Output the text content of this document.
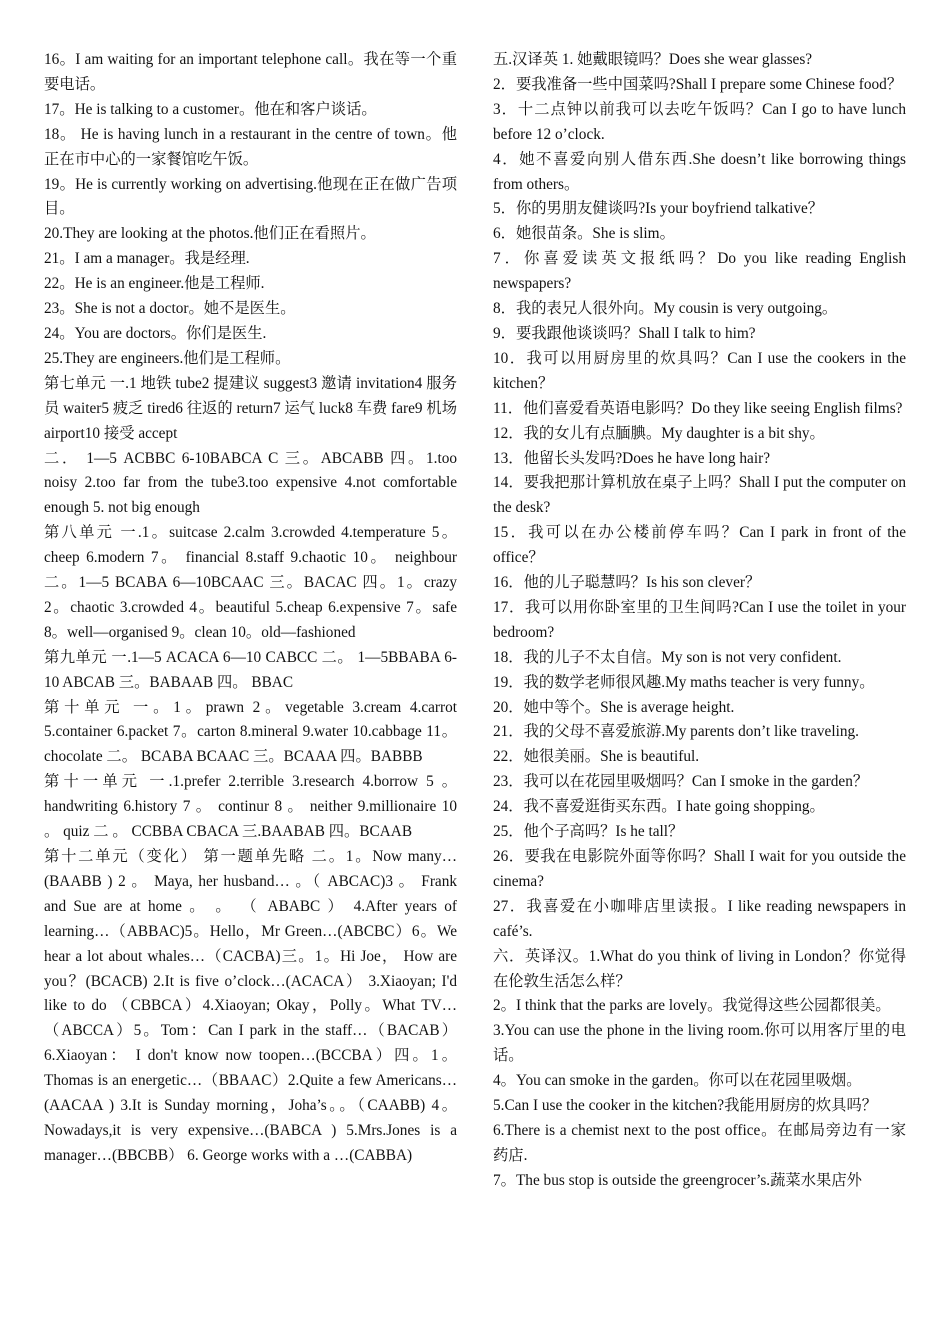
16。I am waiting for an important telephone call。我在等一个重要电话。

17。He is talking to a customer。他在和客户谈话。

18。 He is having lunch in a restaurant in the centre of town。他正在市中心的一家餐馆吃午饭。

19。He is currently working on advertising.他现在正在做广告项目。

20.They are looking at the photos.他们正在看照片。

21。I am a manager。我是经理.

22。He is an engineer.他是工程师.

23。She is not a doctor。她不是医生。

24。You are doctors。你们是医生.

25.They are engineers.他们是工程师。

第七单元 一.1 地铁 tube2 提建议 suggest3 邀请 invitation4 服务员 waiter5 疲乏 tired6 往返的 return7 运气 luck8 车费 fare9 机场 airport10 接受 accept

二． 1—5 ACBBC 6-10BABCA C 三。ABCABB 四。1.too noisy 2.too far from the tube3.too expensive 4.not comfortable enough 5. not big enough

第八单元 一.1。suitcase 2.calm 3.crowded 4.temperature 5。 cheep 6.modern 7。 financial 8.staff 9.chaotic 10。 neighbour 二。1—5 BCABA 6—10BCAAC 三。BACAC 四。1。crazy 2。chaotic 3.crowded 4。beautiful 5.cheap 6.expensive 7。safe 8。well—organised 9。clean 10。old—fashioned

第九单元 一.1—5 ACACA 6—10 CABCC 二。 1—5BBABA 6-10 ABCAB 三。BABAAB 四。 BBAC

第十单元 一。1。prawn 2。vegetable 3.cream 4.carrot 5.container 6.packet 7。carton 8.mineral 9.water 10.cabbage 11。chocolate 二。 BCABA BCAAC 三。BCAAA 四。BABBB

第十一单元 一.1.prefer 2.terrible 3.research 4.borrow 5 。 handwriting 6.history 7 。 continur 8 。 neither 9.millionaire 10 。 quiz 二 。 CCBBA CBACA 三.BAABAB 四。BCAAB

第十二单元（变化） 第一题单先略 二。1。Now many…(BAABB ) 2 。 Maya, her husband… 。（ ABCAC)3 。 Frank and Sue are at home 。 。 （ ABABC ） 4.After years of learning…（ABBAC)5。Hello，Mr Green…(ABCBC）6。We hear a lot about whales…（CACBA)三。1。Hi Joe， How are you？(BCACB) 2.It is five o’clock…(ACACA） 3.Xiaoyan; I'd like to do （CBBCA）4.Xiaoyan; Okay，Polly。What TV…（ABCCA）5。Tom：Can I park in the staff…（BACAB）6.Xiaoyan： I don't know now toopen…(BCCBA）四。1。Thomas is an energetic…（BBAAC）2.Quite a few Americans…(AACAA ) 3.It is Sunday morning，Joha’s。。（CAABB) 4。Nowadays,it is very expensive…(BABCA ) 5.Mrs.Jones is a manager…(BBCBB） 6. George works with a …(CABBA)

五.汉译英 1. 她戴眼镜吗？Does she wear glasses?

2．要我准备一些中国菜吗?Shall I prepare some Chinese food？

3．十二点钟以前我可以去吃午饭吗？Can I go to have lunch before 12 o’clock.

4．她不喜爱向别人借东西.She doesn’t like borrowing things from others。

5．你的男朋友健谈吗?Is your boyfriend talkative？

6．她很苗条。She is slim。

7．你喜爱读英文报纸吗？Do you like reading English newspapers?

8．我的表兄人很外向。My cousin is very outgoing。

9．要我跟他谈谈吗？Shall I talk to him?

10．我可以用厨房里的炊具吗？Can I use the cookers in the kitchen？

11．他们喜爱看英语电影吗？Do they like seeing English films?

12．我的女儿有点腼腆。My daughter is a bit shy。

13．他留长头发吗?Does he have long hair?

14．要我把那计算机放在桌子上吗？Shall I put the computer on the desk?

15．我可以在办公楼前停车吗？Can I park in front of the office？

16．他的儿子聪慧吗？Is his son clever？

17．我可以用你卧室里的卫生间吗?Can I use the toilet in your bedroom?

18．我的儿子不太自信。My son is not very confident.

19．我的数学老师很风趣.My maths teacher is very funny。

20．她中等个。She is average height.

21．我的父母不喜爱旅游.My parents don’t like traveling.

22．她很美丽。She is beautiful.

23．我可以在花园里吸烟吗？Can I smoke in the garden？

24．我不喜爱逛街买东西。I hate going shopping。

25．他个子高吗？Is he tall？

26．要我在电影院外面等你吗？Shall I wait for you outside the cinema?

27．我喜爱在小咖啡店里读报。I like reading newspapers in café’s.

六．英译汉。1.What do you think of living in London？你觉得在伦敦生活怎么样？

2。I think that the parks are lovely。我觉得这些公园都很美。

3.You can use the phone in the living room.你可以用客厅里的电话。

4。You can smoke in the garden。你可以在花园里吸烟。

5.Can I use the cooker in the kitchen?我能用厨房的炊具吗？

6.There is a chemist next to the post office。在邮局旁边有一家药店.

7。The bus stop is outside the greengrocer’s.蔬菜水果店外
